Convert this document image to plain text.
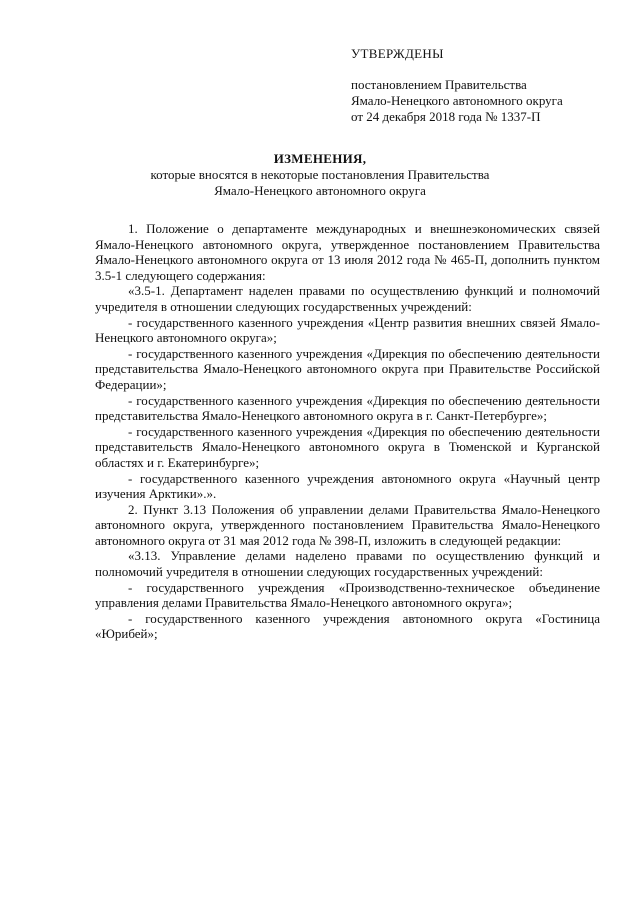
УТВЕРЖДЕНЫ
постановлением Правительства
Ямало-Ненецкого автономного округа
от 24 декабря 2018 года № 1337-П
ИЗМЕНЕНИЯ,
которые вносятся в некоторые постановления Правительства
Ямало-Ненецкого автономного округа

1. Положение о департаменте международных и внешнеэкономических связей Ямало-Ненецкого автономного округа, утвержденное постановлением Правительства Ямало-Ненецкого автономного округа от 13 июля 2012 года № 465-П, дополнить пунктом 3.5-1 следующего содержания:

«3.5-1. Департамент наделен правами по осуществлению функций и полномочий учредителя в отношении следующих государственных учреждений:

- государственного казенного учреждения «Центр развития внешних связей Ямало-Ненецкого автономного округа»;

- государственного казенного учреждения «Дирекция по обеспечению деятельности представительства Ямало-Ненецкого автономного округа при Правительстве Российской Федерации»;

- государственного казенного учреждения «Дирекция по обеспечению деятельности представительства Ямало-Ненецкого автономного округа в г. Санкт-Петербурге»;

- государственного казенного учреждения «Дирекция по обеспечению деятельности представительств Ямало-Ненецкого автономного округа в Тюменской и Курганской областях и г. Екатеринбурге»;

- государственного казенного учреждения автономного округа «Научный центр изучения Арктики».».

2. Пункт 3.13 Положения об управлении делами Правительства Ямало-Ненецкого автономного округа, утвержденного постановлением Правительства Ямало-Ненецкого автономного округа от 31 мая 2012 года № 398-П, изложить в следующей редакции:

«3.13. Управление делами наделено правами по осуществлению функций и полномочий учредителя в отношении следующих государственных учреждений:

- государственного учреждения «Производственно-техническое объединение управления делами Правительства Ямало-Ненецкого автономного округа»;

- государственного казенного учреждения автономного округа «Гостиница «Юрибей»;
